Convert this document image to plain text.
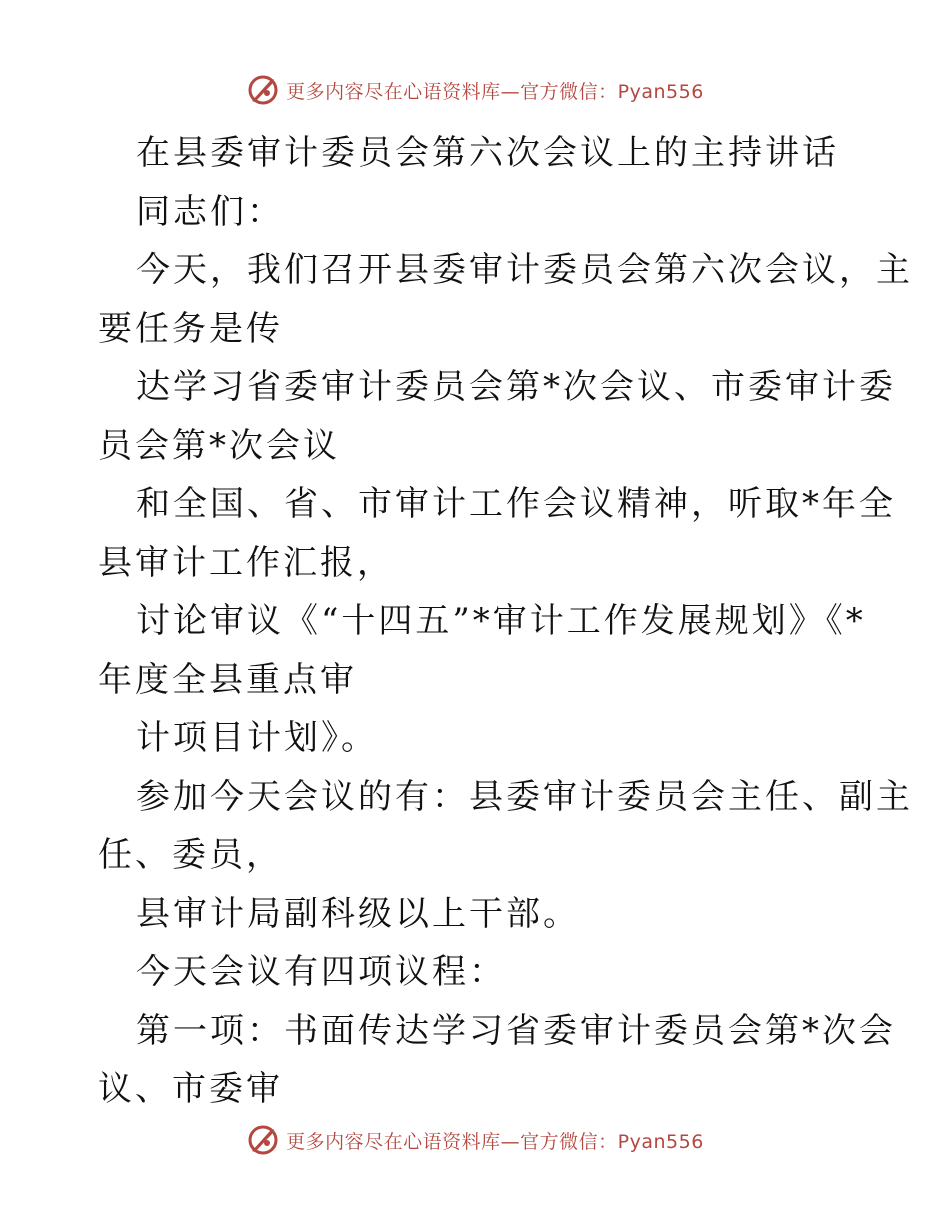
更多内容尽在心语资料库—官方微信：Pyan556
在县委审计委员会第六次会议上的主持讲话
同志们：
今天，我们召开县委审计委员会第六次会议，主
要任务是传
达学习省委审计委员会第*次会议、市委审计委
员会第*次会议
和全国、省、市审计工作会议精神，听取*年全
县审计工作汇报，
讨论审议《“十四五”*审计工作发展规划》《*
年度全县重点审
计项目计划》。
参加今天会议的有：县委审计委员会主任、副主
任、委员，
县审计局副科级以上干部。
今天会议有四项议程：
第一项：书面传达学习省委审计委员会第*次会
议、市委审
更多内容尽在心语资料库—官方微信：Pyan556
